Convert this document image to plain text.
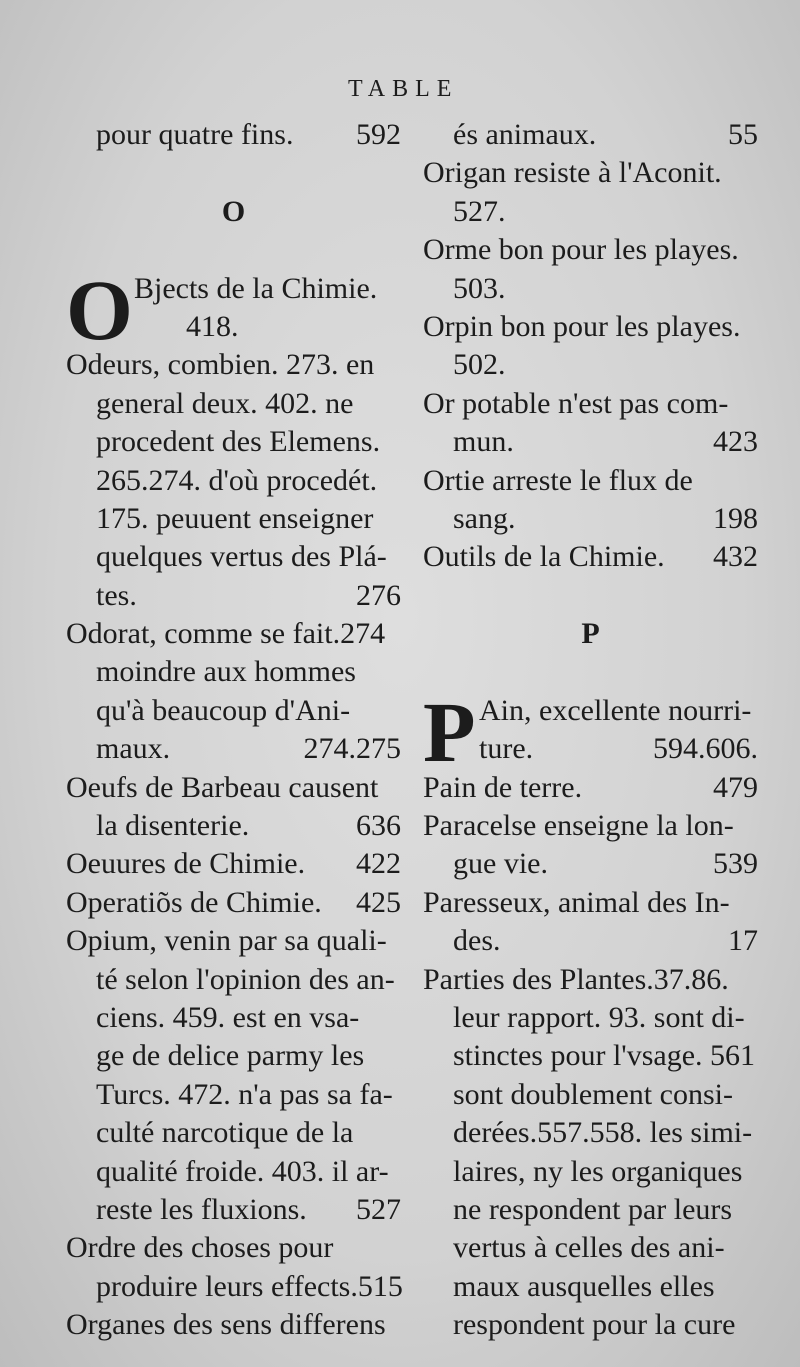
TABLE
pour quatre fins. 592
O
O Bjects de la Chimie.
418.
Odeurs, combien. 273. en
general deux. 402. ne
procedent des Elemens.
265.274. d'où procedét.
175. peuuent enseigner
quelques vertus des Plá-
tes.	276
Odorat, comme se fait.274
moindre aux hommes
qu'à beaucoup d'Ani-
maux.	274.275
Oeufs de Barbeau causent
la disenterie.	636
Oeuures de Chimie. 422
Operatiõs de Chimie. 425
Opium, venin par sa quali-
té selon l'opinion des an-
ciens. 459. est en vsa-
ge de delice parmy les
Turcs. 472. n'a pas sa fa-
culté narcotique de la
qualité froide. 403. il ar-
reste les fluxions. 527
Ordre des choses pour
produire leurs effects.515
Organes des sens differens
és animaux.	55
Origan resiste à l'Aconit.
527.
Orme bon pour les playes.
503.
Orpin bon pour les playes.
502.
Or potable n'est pas com-
mun.	423
Ortie arreste le flux de
sang.	198
Outils de la Chimie. 432
P
P Ain, excellente nourri-
ture.	594.606.
Pain de terre.	479
Paracelse enseigne la lon-
gue vie.	539
Paresseux, animal des In-
des.	17
Parties des Plantes.37.86.
leur rapport. 93. sont di-
stinctes pour l'vsage. 561
sont doublement consi-
derées.557.558. les simi-
laires, ny les organiques
ne respondent par leurs
vertus à celles des ani-
maux ausquelles elles
respondent pour la cure
